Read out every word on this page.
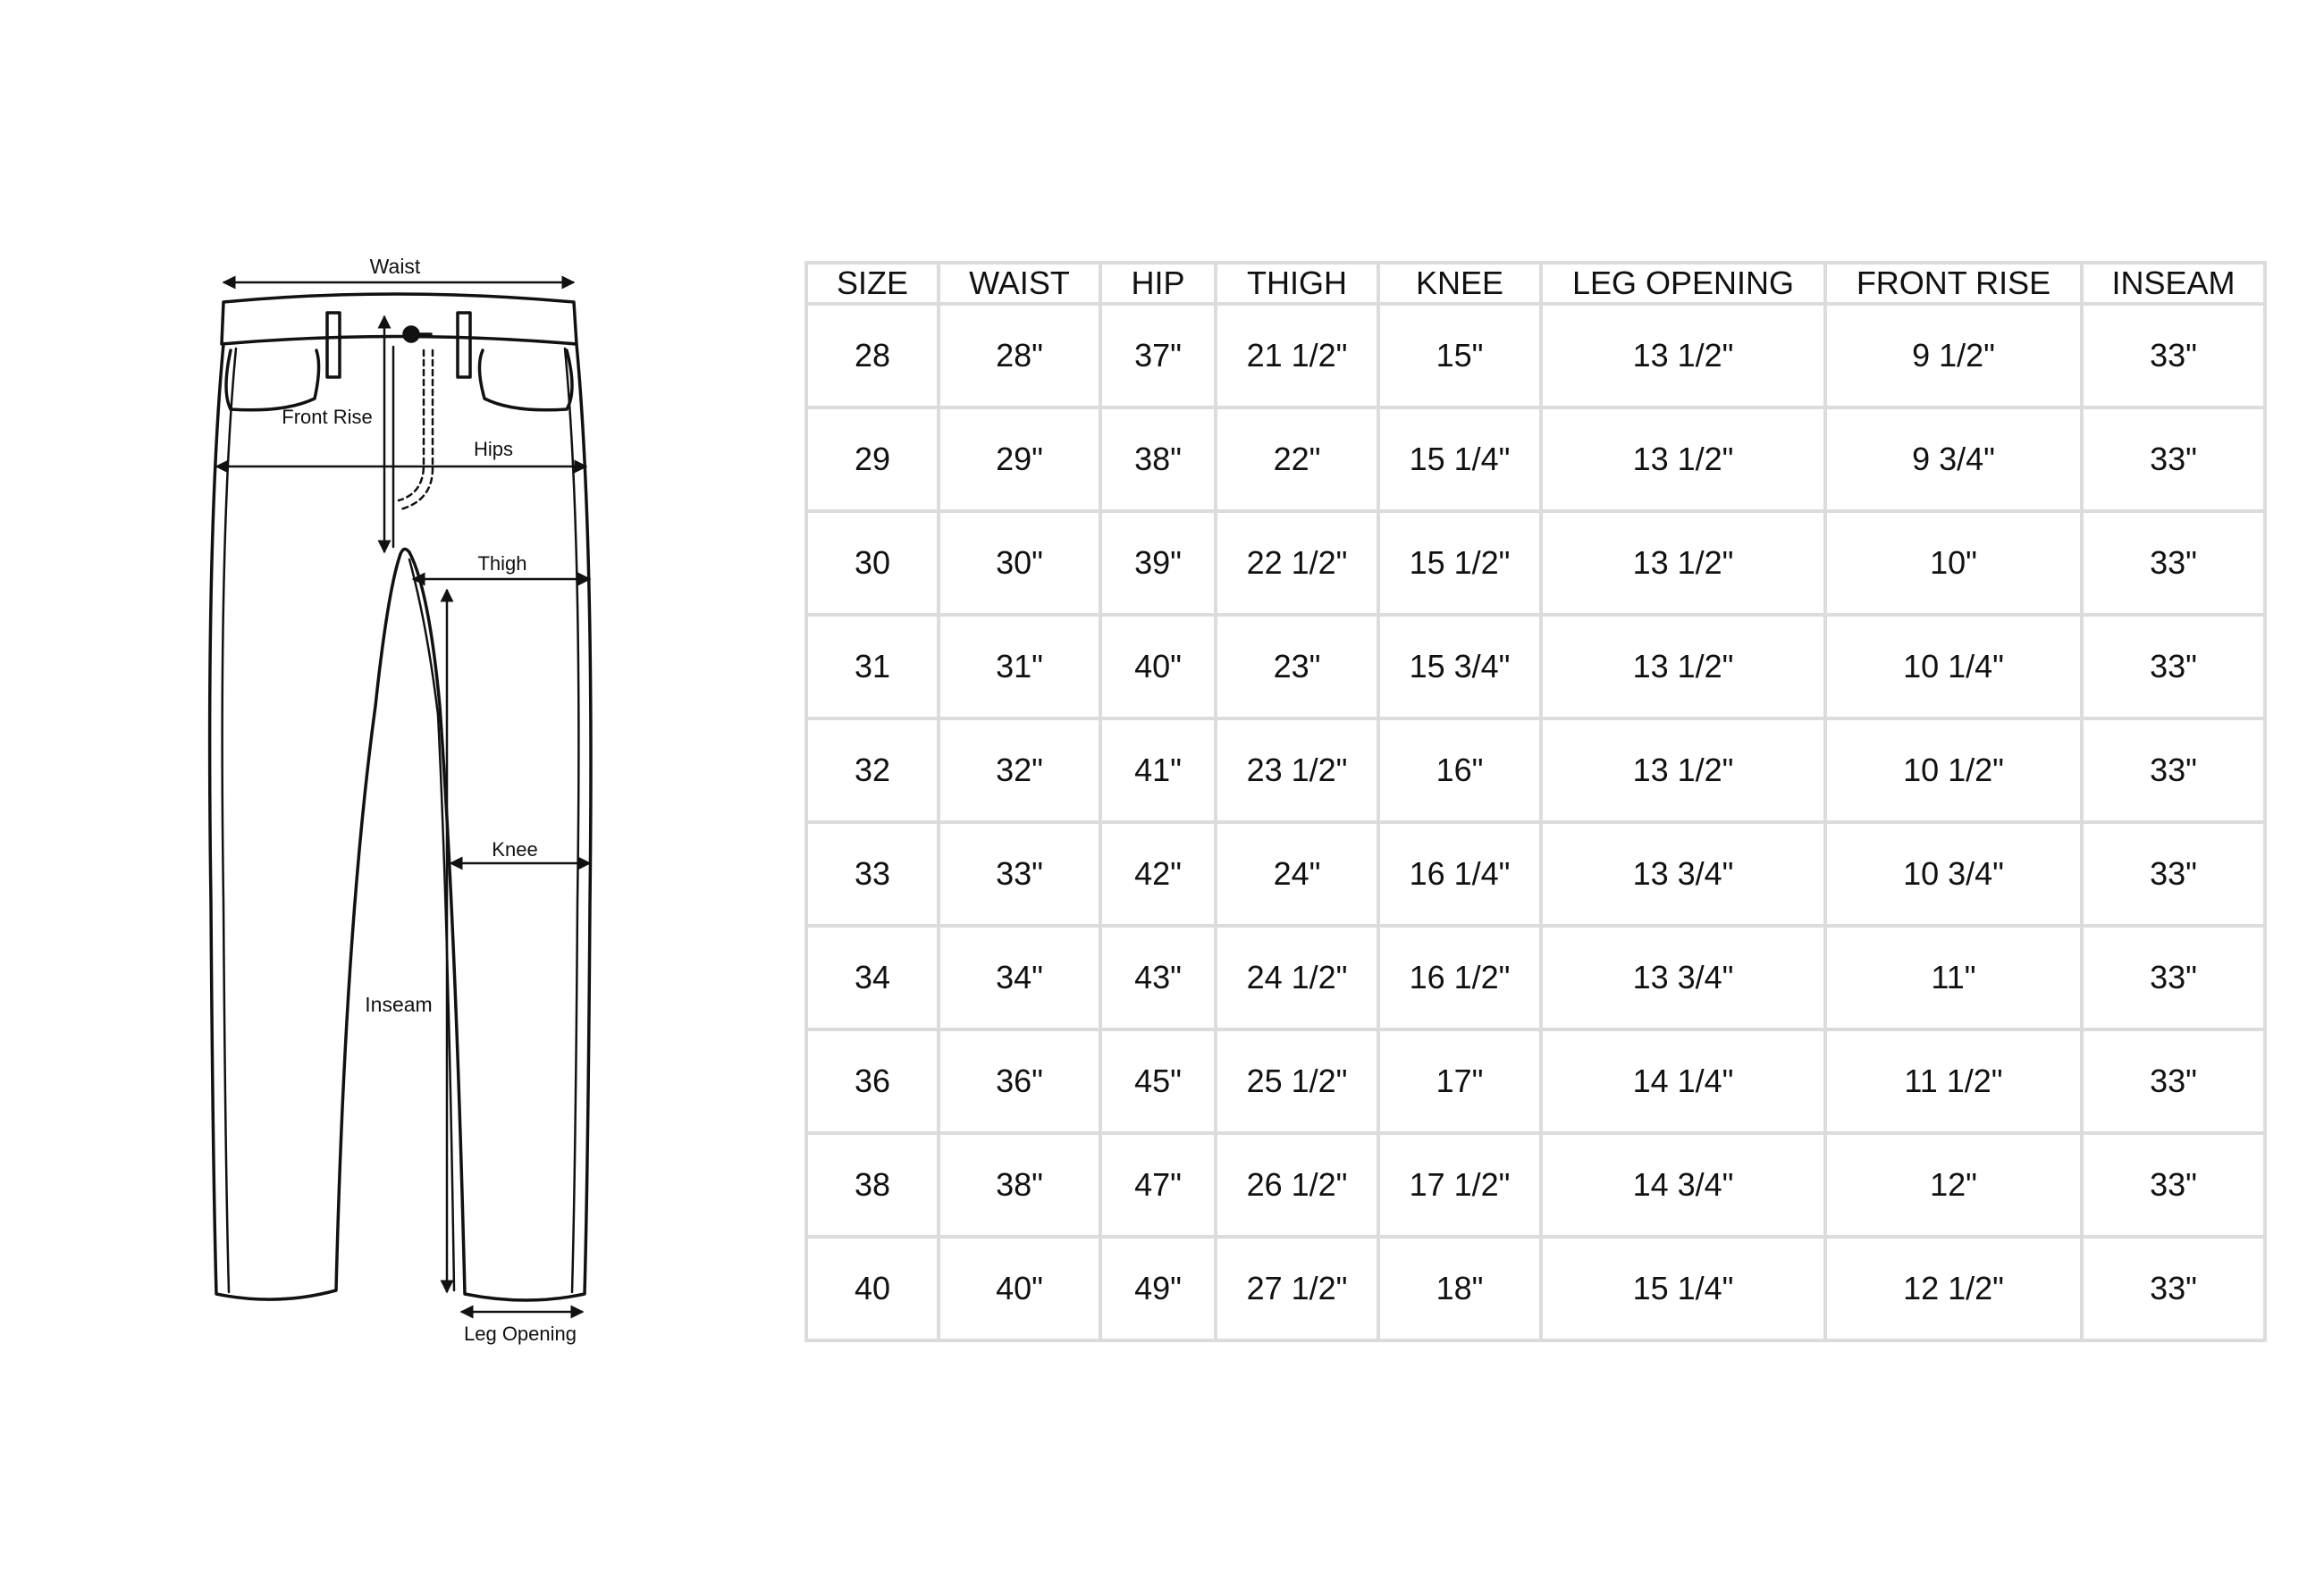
Waist
Front Rise
Hips
Thigh
Knee
Inseam
Leg Opening
SIZE	WAIST	HIP	THIGH	KNEE	LEG OPENING	FRONT RISE	INSEAM
28	28"	37"	21 1/2"	15"	13 1/2"	9 1/2"	33"
29	29"	38"	22"	15 1/4"	13 1/2"	9 3/4"	33"
30	30"	39"	22 1/2"	15 1/2"	13 1/2"	10"	33"
31	31"	40"	23"	15 3/4"	13 1/2"	10 1/4"	33"
32	32"	41"	23 1/2"	16"	13 1/2"	10 1/2"	33"
33	33"	42"	24"	16 1/4"	13 3/4"	10 3/4"	33"
34	34"	43"	24 1/2"	16 1/2"	13 3/4"	11"	33"
36	36"	45"	25 1/2"	17"	14 1/4"	11 1/2"	33"
38	38"	47"	26 1/2"	17 1/2"	14 3/4"	12"	33"
40	40"	49"	27 1/2"	18"	15 1/4"	12 1/2"	33"
